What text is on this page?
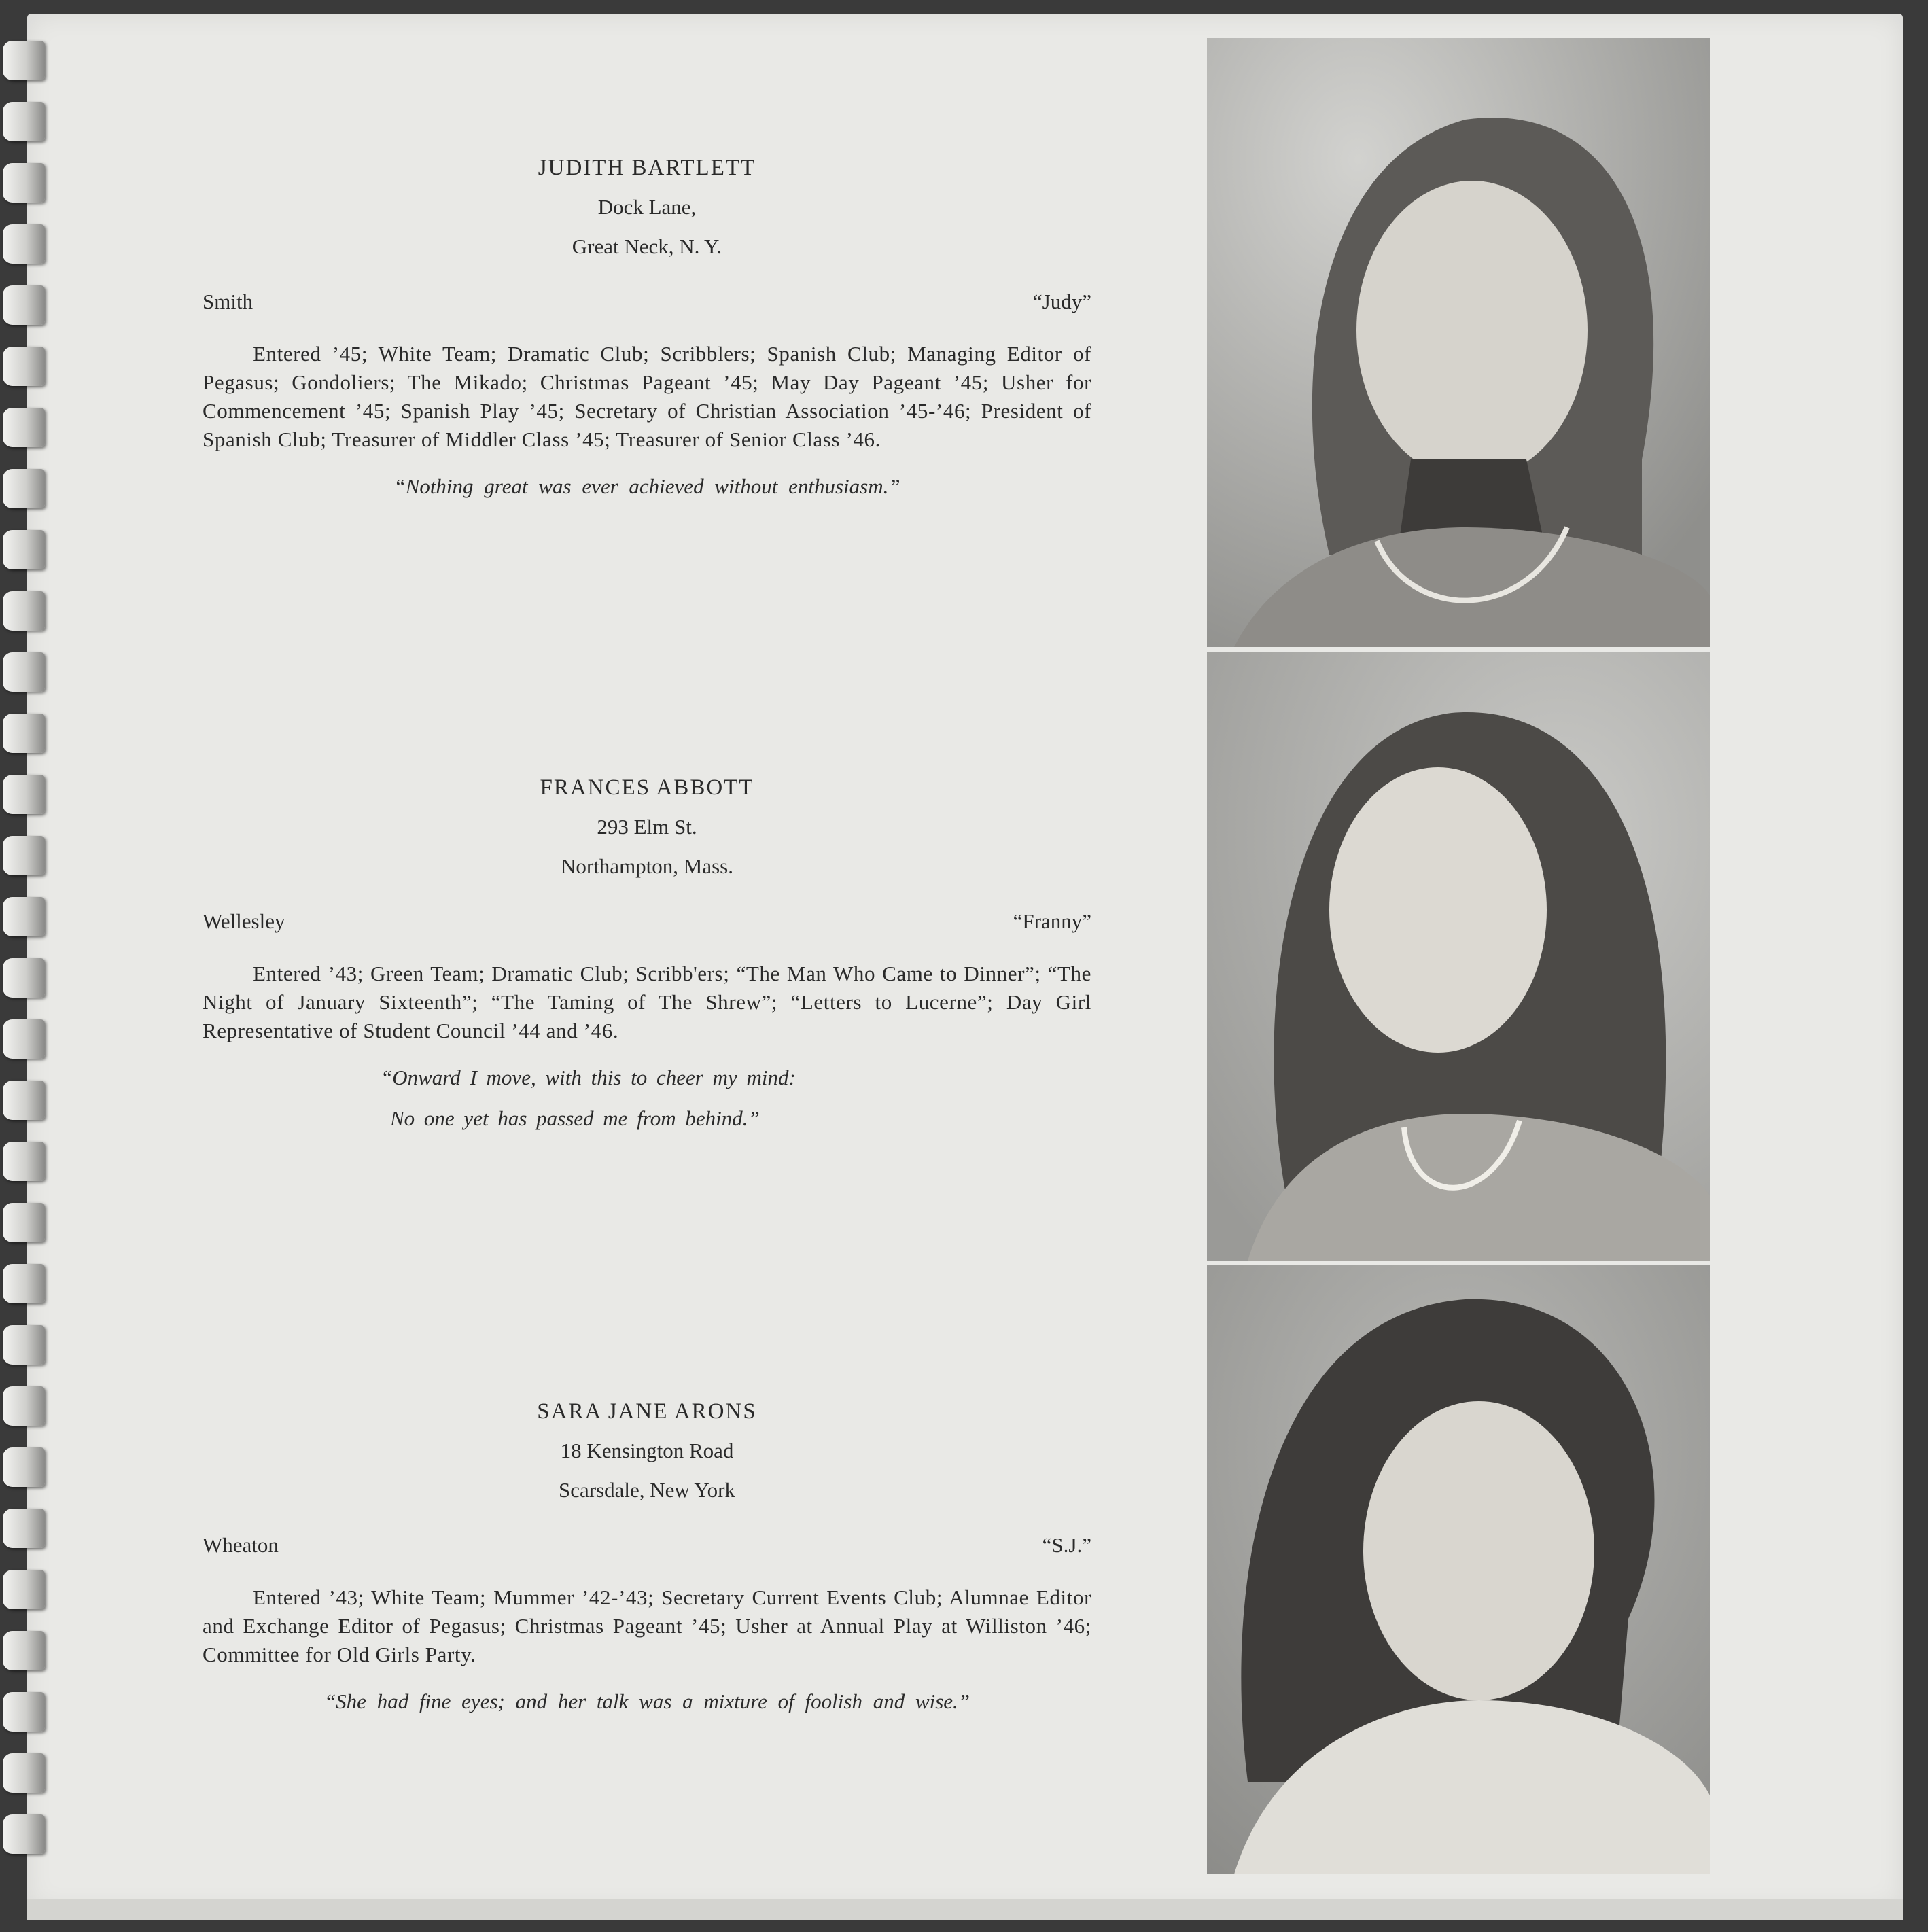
JUDITH BARTLETT

Dock Lane,

Great Neck, N. Y.

Smith	“Judy”
Entered ’45; White Team; Dramatic Club; Scribblers; Spanish Club; Managing Editor of Pegasus; Gondoliers; The Mikado; Christmas Pageant ’45; May Day Pageant ’45; Usher for Commencement ’45; Spanish Play ’45; Secretary of Christian Association ’45-’46; President of Spanish Club; Treasurer of Middler Class ’45; Treasurer of Senior Class ’46.
“Nothing great was ever achieved without enthusiasm.”

FRANCES ABBOTT

293 Elm St.

Northampton, Mass.

Wellesley	“Franny”
Entered ’43; Green Team; Dramatic Club; Scribb'ers; “The Man Who Came to Dinner”; “The Night of January Sixteenth”; “The Taming of The Shrew”; “Letters to Lucerne”; Day Girl Representative of Student Council ’44 and ’46.
“Onward I move, with this to cheer my mind:
No one yet has passed me from behind.”

SARA JANE ARONS

18 Kensington Road

Scarsdale, New York

Wheaton	“S.J.”
Entered ’43; White Team; Mummer ’42-’43; Secretary Current Events Club; Alumnae Editor and Exchange Editor of Pegasus; Christmas Pageant ’45; Usher at Annual Play at Williston ’46; Committee for Old Girls Party.
“She had fine eyes; and her talk was a mixture of foolish and wise.”
